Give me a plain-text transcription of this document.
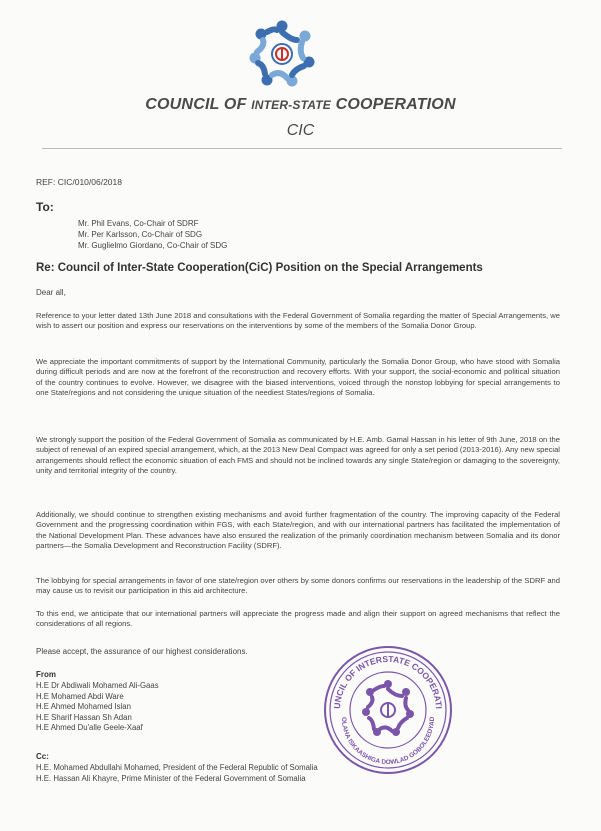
COUNCIL OF INTER-STATE COOPERATION
CIC
REF: CIC/010/06/2018
To:
Mr. Phil Evans, Co-Chair of SDRF
Mr. Per Karlsson, Co-Chair of SDG
Mr. Guglielmo Giordano, Co-Chair of SDG
Re: Council of Inter-State Cooperation(CiC) Position on the Special Arrangements
Dear all,

Reference to your letter dated 13th June 2018 and consultations with the Federal Government of Somalia regarding the matter of Special Arrangements, we wish to assert our position and express our reservations on the interventions by some of the members of the Somalia Donor Group.

We appreciate the important commitments of support by the International Community, particularly the Somalia Donor Group, who have stood with Somalia during difficult periods and are now at the forefront of the reconstruction and recovery efforts. With your support, the social-economic and political situation of the country continues to evolve. However, we disagree with the biased interventions, voiced through the nonstop lobbying for special arrangements to one State/regions and not considering the unique situation of the neediest States/regions of Somalia.

We strongly support the position of the Federal Government of Somalia as communicated by H.E. Amb. Gamal Hassan in his letter of 9th June, 2018 on the subject of renewal of an expired special arrangement, which, at the 2013 New Deal Compact was agreed for only a set period (2013-2016). Any new special arrangements should reflect the economic situation of each FMS and should not be inclined towards any single State/region or damaging to the sovereignty, unity and territorial integrity of the country.

Additionally, we should continue to strengthen existing mechanisms and avoid further fragmentation of the country. The improving capacity of the Federal Government and the progressing coordination within FGS, with each State/region, and with our international partners has facilitated the implementation of the National Development Plan. These advances have also ensured the realization of the primarily coordination mechanism between Somalia and its donor partners—the Somalia Development and Reconstruction Facility (SDRF).

The lobbying for special arrangements in favor of one state/region over others by some donors confirms our reservations in the leadership of the SDRF and may cause us to revisit our participation in this aid architecture.

To this end, we anticipate that our international partners will appreciate the progress made and align their support on agreed mechanisms that reflect the considerations of all regions.

Please accept, the assurance of our highest considerations.
From
H.E Dr Abdiwali Mohamed Ali-Gaas
H.E Mohamed Abdi Ware
H.E Ahmed Mohamed Islan
H.E Sharif Hassan Sh Adan
H.E Ahmed Du'alle Geele-Xaaf
Cc:
H.E. Mohamed Abdullahi Mohamed, President of the Federal Republic of Somalia
H.E. Hassan Ali Khayre, Prime Minister of the Federal Government of Somalia
UNCIL OF INTERSTATE COOPERATI
OLAHA ISKAASHIGA DOWLAD GOBOLEEDYAD
